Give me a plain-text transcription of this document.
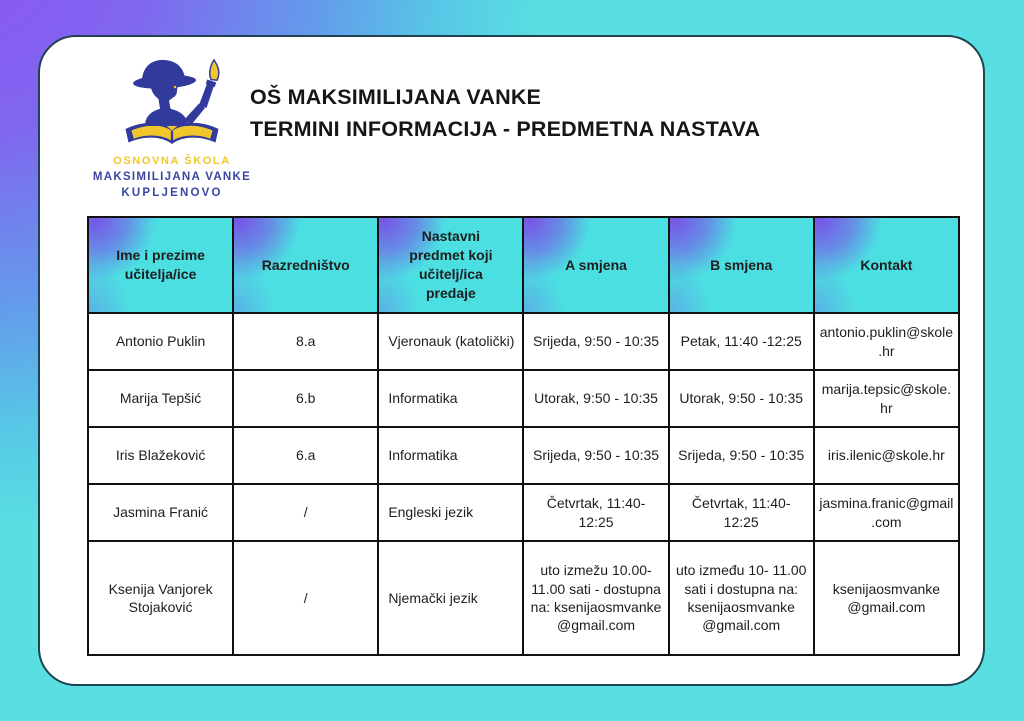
OSNOVNA ŠKOLA
MAKSIMILIJANA VANKE
KUPLJENOVO
OŠ MAKSIMILIJANA VANKE
TERMINI INFORMACIJA - PREDMETNA NASTAVA
Ime i prezime učitelja/ice	Razredništvo	Nastavni predmet koji učitelj/ica predaje	A smjena	B smjena	Kontakt
Antonio Puklin	8.a	Vjeronauk (katolički)	Srijeda, 9:50 - 10:35	Petak, 11:40 -12:25	antonio.puklin@skole.hr
Marija Tepšić	6.b	Informatika	Utorak, 9:50 - 10:35	Utorak, 9:50 - 10:35	marija.tepsic@skole.hr
Iris Blažeković	6.a	Informatika	Srijeda, 9:50 - 10:35	Srijeda, 9:50 - 10:35	iris.ilenic@skole.hr
Jasmina Franić	/	Engleski jezik	Četvrtak, 11:40- 12:25	Četvrtak, 11:40- 12:25	jasmina.franic@gmail.com
Ksenija Vanjorek Stojaković	/	Njemački jezik	uto izmežu 10.00- 11.00 sati - dostupna na: ksenijaosmvanke @gmail.com	uto između 10- 11.00 sati i dostupna na: ksenijaosmvanke @gmail.com	ksenijaosmvanke @gmail.com
